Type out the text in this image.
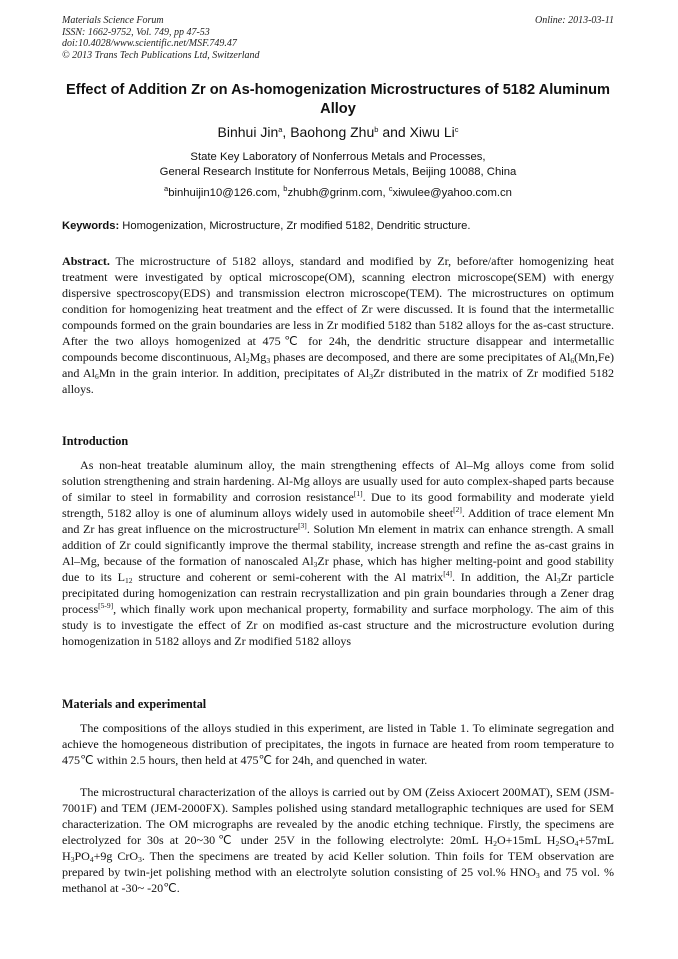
Materials Science Forum
ISSN: 1662-9752, Vol. 749, pp 47-53
doi:10.4028/www.scientific.net/MSF.749.47
© 2013 Trans Tech Publications Ltd, Switzerland
Online: 2013-03-11
Effect of Addition Zr on As-homogenization Microstructures of 5182 Aluminum Alloy
Binhui Jin$^a$, Baohong Zhu$^b$ and Xiwu Li$^c$
State Key Laboratory of Nonferrous Metals and Processes,
General Research Institute for Nonferrous Metals, Beijing 10088, China
$^a$binhuijin10@126.com, $^b$zhubh@grinm.com, $^c$xiwulee@yahoo.com.cn
Keywords: Homogenization, Microstructure, Zr modified 5182, Dendritic structure.

Abstract. The microstructure of 5182 alloys, standard and modified by Zr, before/after homogenizing heat treatment were investigated by optical microscope(OM), scanning electron microscope(SEM) with energy dispersive spectroscopy(EDS) and transmission electron microscope(TEM). The microstructures on optimum condition for homogenizing heat treatment and the effect of Zr were discussed. It is found that the intermetallic compounds formed on the grain boundaries are less in Zr modified 5182 than 5182 alloys for the as-cast structure. After the two alloys homogenized at 475℃ for 24h, the dendritic structure disappear and intermetallic compounds become discontinuous, $Al_2Mg_3$ phases are decomposed, and there are some precipitates of $Al_6(Mn,Fe)$ and $Al_6Mn$ in the grain interior. In addition, precipitates of $Al_3Zr$ distributed in the matrix of Zr modified 5182 alloys.

Introduction

As non-heat treatable aluminum alloy, the main strengthening effects of Al–Mg alloys come from solid solution strengthening and strain hardening. Al-Mg alloys are usually used for auto complex-shaped parts because of similar to steel in formability and corrosion resistance[1]. Due to its good formability and moderate yield strength, 5182 alloy is one of aluminum alloys widely used in automobile sheet[2]. Addition of trace element Mn and Zr has great influence on the microstructure[3]. Solution Mn element in matrix can enhance strength. A small addition of Zr could significantly improve the thermal stability, increase strength and refine the as-cast grains in Al–Mg, because of the formation of nanoscaled $Al_3Zr$ phase, which has higher melting-point and good stability due to its $L_{12}$ structure and coherent or semi-coherent with the Al matrix[4]. In addition, the $Al_3Zr$ particle precipitated during homogenization can restrain recrystallization and pin grain boundaries through a Zener drag process[5-9], which finally work upon mechanical property, formability and surface morphology. The aim of this study is to investigate the effect of Zr on modified as-cast structure and the microstructure evolution during homogenization in 5182 alloys and Zr modified 5182 alloys

Materials and experimental

The compositions of the alloys studied in this experiment, are listed in Table 1. To eliminate segregation and achieve the homogeneous distribution of precipitates, the ingots in furnace are heated from room temperature to 475℃ within 2.5 hours, then held at 475℃ for 24h, and quenched in water.

The microstructural characterization of the alloys is carried out by OM (Zeiss Axiocert 200MAT), SEM (JSM-7001F) and TEM (JEM-2000FX). Samples polished using standard metallographic techniques are used for SEM characterization. The OM micrographs are revealed by the anodic etching technique. Firstly, the specimens are electrolyzed for 30s at 20~30℃ under 25V in the following electrolyte: 20mL $H_2O+15mL$ $H_2SO_4+57mL$ $H_3PO_4+9g$ CrO$_3$. Then the specimens are treated by acid Keller solution. Thin foils for TEM observation are prepared by twin-jet polishing method with an electrolyte solution consisting of 25 vol.% $HNO_3$ and 75 vol. % methanol at -30~ -20℃.
